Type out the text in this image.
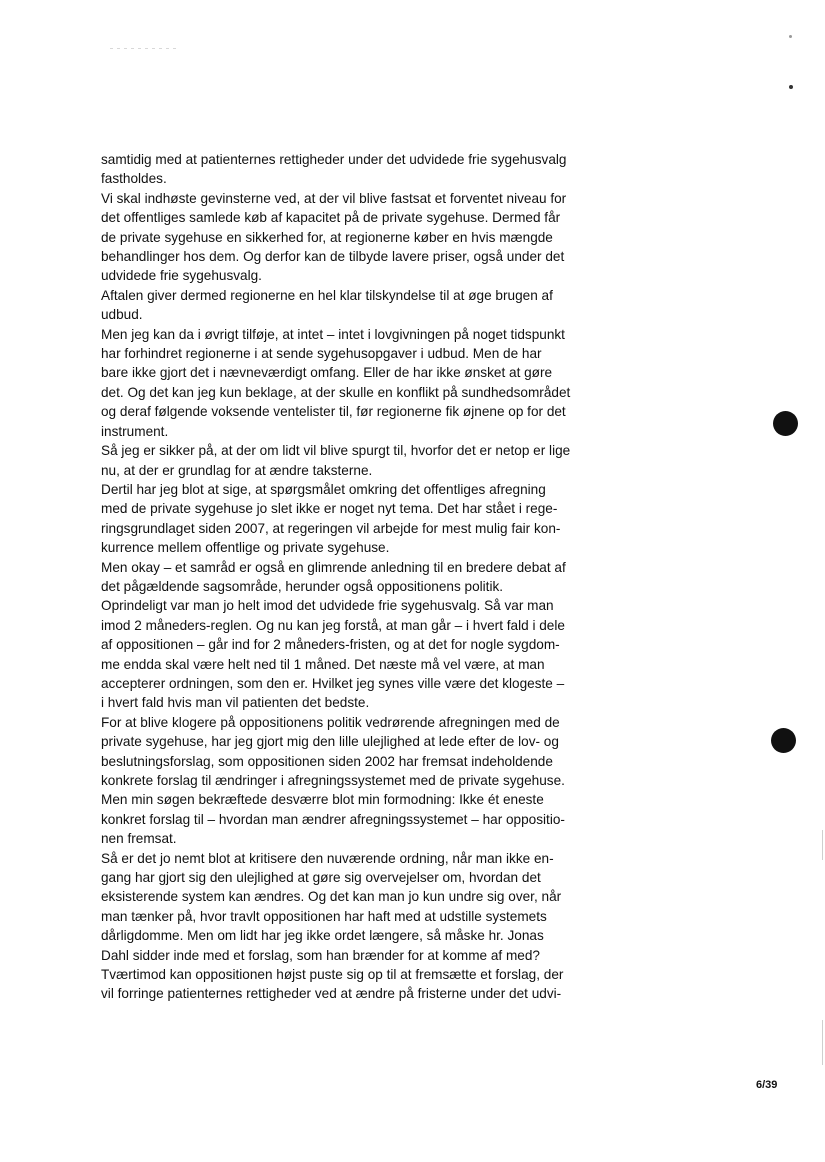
samtidig med at patienternes rettigheder under det udvidede frie sygehusvalg
fastholdes.

Vi skal indhøste gevinsterne ved, at der vil blive fastsat et forventet niveau for
det offentliges samlede køb af kapacitet på de private sygehuse. Dermed får
de private sygehuse en sikkerhed for, at regionerne køber en hvis mængde
behandlinger hos dem. Og derfor kan de tilbyde lavere priser, også under det
udvidede frie sygehusvalg.

Aftalen giver dermed regionerne en hel klar tilskyndelse til at øge brugen af
udbud.

Men jeg kan da i øvrigt tilføje, at intet – intet i lovgivningen på noget tidspunkt
har forhindret regionerne i at sende sygehusopgaver i udbud. Men de har
bare ikke gjort det i nævneværdigt omfang. Eller de har ikke ønsket at gøre
det. Og det kan jeg kun beklage, at der skulle en konflikt på sundhedsområdet
og deraf følgende voksende ventelister til, før regionerne fik øjnene op for det
instrument.

Så jeg er sikker på, at der om lidt vil blive spurgt til, hvorfor det er netop er lige
nu, at der er grundlag for at ændre taksterne.

Dertil har jeg blot at sige, at spørgsmålet omkring det offentliges afregning
med de private sygehuse jo slet ikke er noget nyt tema. Det har stået i rege-
ringsgrundlaget siden 2007, at regeringen vil arbejde for mest mulig fair kon-
kurrence mellem offentlige og private sygehuse.

Men okay – et samråd er også en glimrende anledning til en bredere debat af
det pågældende sagsområde, herunder også oppositionens politik.

Oprindeligt var man jo helt imod det udvidede frie sygehusvalg. Så var man
imod 2 måneders-reglen. Og nu kan jeg forstå, at man går – i hvert fald i dele
af oppositionen – går ind for 2 måneders-fristen, og at det for nogle sygdom-
me endda skal være helt ned til 1 måned. Det næste må vel være, at man
accepterer ordningen, som den er. Hvilket jeg synes ville være det klogeste –
i hvert fald hvis man vil patienten det bedste.

For at blive klogere på oppositionens politik vedrørende afregningen med de
private sygehuse, har jeg gjort mig den lille ulejlighed at lede efter de lov- og
beslutningsforslag, som oppositionen siden 2002 har fremsat indeholdende
konkrete forslag til ændringer i afregningssystemet med de private sygehuse.

Men min søgen bekræftede desværre blot min formodning: Ikke ét eneste
konkret forslag til – hvordan man ændrer afregningssystemet – har oppositio-
nen fremsat.

Så er det jo nemt blot at kritisere den nuværende ordning, når man ikke en-
gang har gjort sig den ulejlighed at gøre sig overvejelser om, hvordan det
eksisterende system kan ændres. Og det kan man jo kun undre sig over, når
man tænker på, hvor travlt oppositionen har haft med at udstille systemets
dårligdomme. Men om lidt har jeg ikke ordet længere, så måske hr. Jonas
Dahl sidder inde med et forslag, som han brænder for at komme af med?

Tværtimod kan oppositionen højst puste sig op til at fremsætte et forslag, der
vil forringe patienternes rettigheder ved at ændre på fristerne under det udvi-

6/39
